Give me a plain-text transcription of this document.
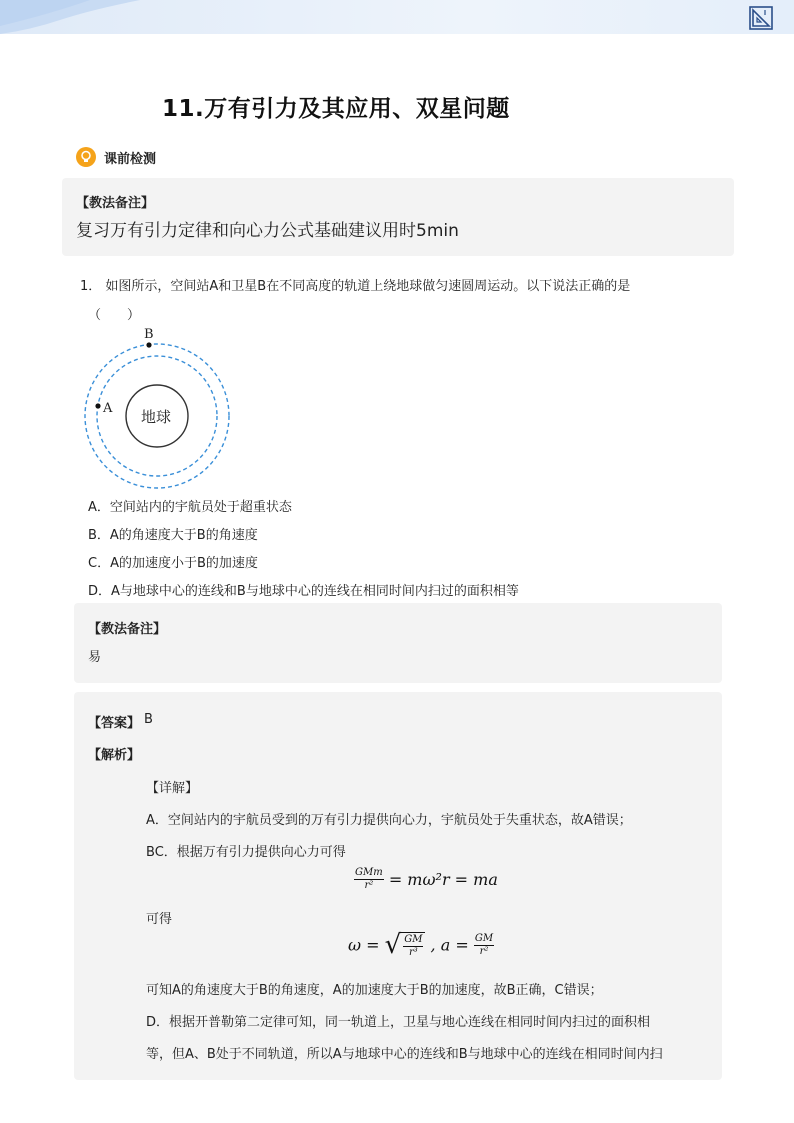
11.万有引力及其应用、双星问题
课前检测
【教法备注】
复习万有引力定律和向心力公式基础建议用时5min
1． 如图所示，空间站A和卫星B在不同高度的轨道上绕地球做匀速圆周运动。以下说法正确的是
（　　）
B
A 地球
A．空间站内的宇航员处于超重状态
B．A的角速度大于B的角速度
C．A的加速度小于B的加速度
D．A与地球中心的连线和B与地球中心的连线在相同时间内扫过的面积相等
【教法备注】
易
【答案】 B
【解析】
【详解】
A．空间站内的宇航员受到的万有引力提供向心力，宇航员处于失重状态，故A错误；
BC．根据万有引力提供向心力可得
$\frac{\text{GMm}}{\text{r²}} = m\omega^2r$ = ma
可得
ω = √ $\frac{GM}{\text{r³}}$ , $a = \frac{GM}{\text{r²}}$
可知A的角速度大于B的角速度，A的加速度大于B的加速度，故B正确，C错误；
D．根据开普勒第二定律可知，同一轨道上，卫星与地心连线在相同时间内扫过的面积相
等，但A、B处于不同轨道，所以A与地球中心的连线和B与地球中心的连线在相同时间内扫
